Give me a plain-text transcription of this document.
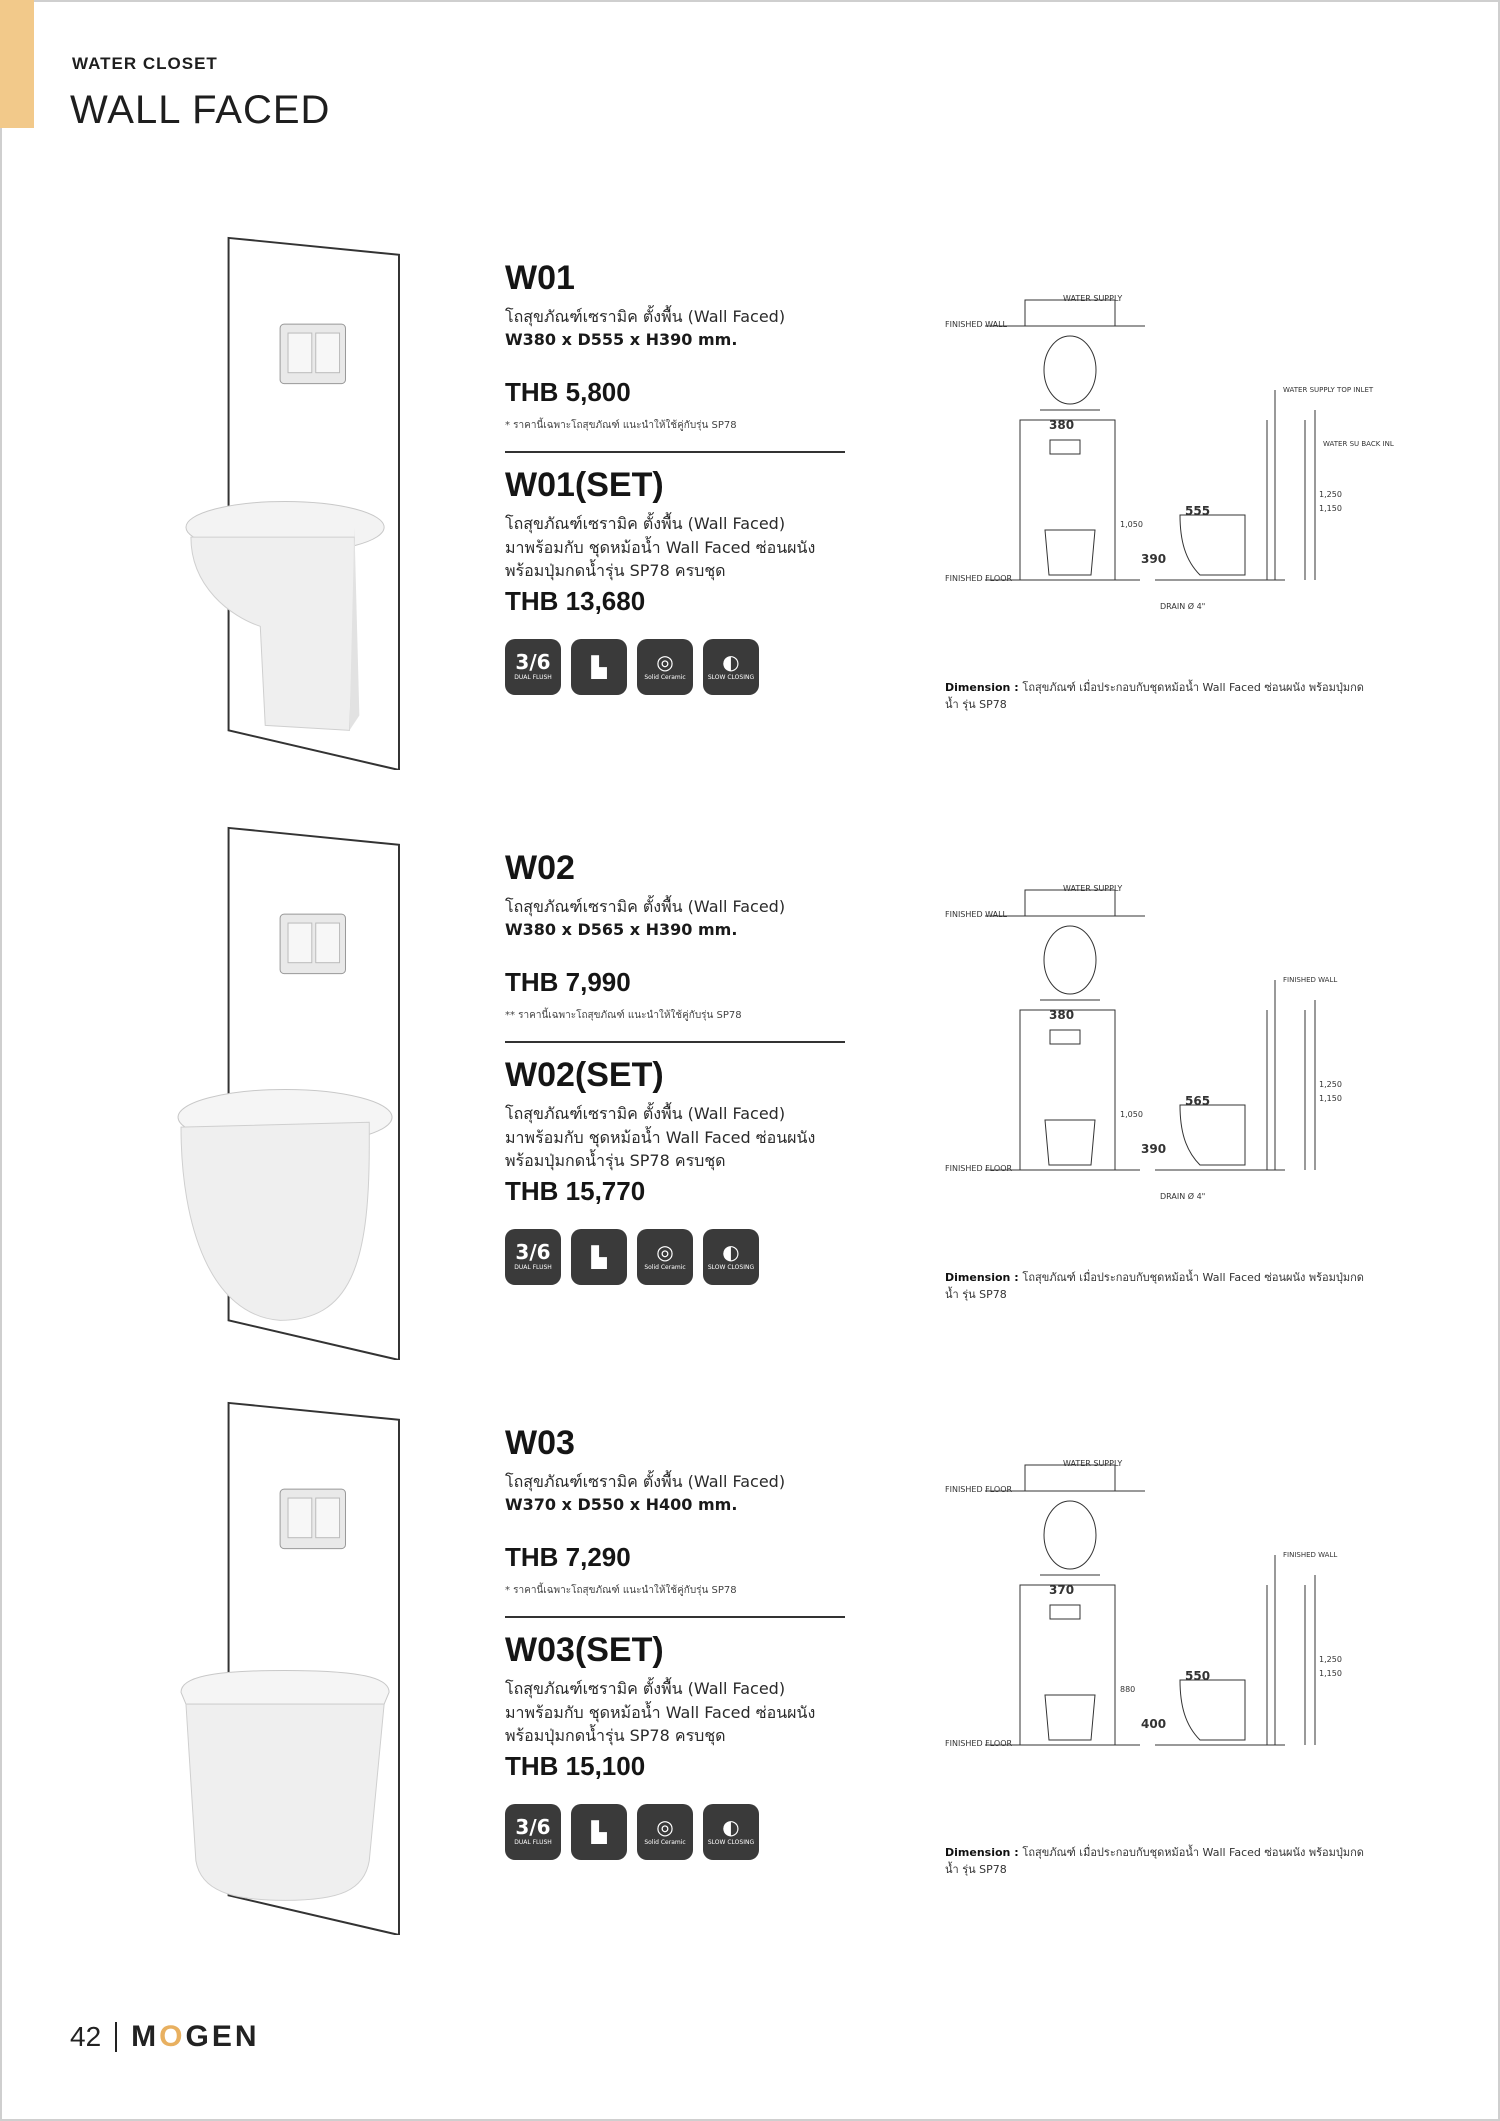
WATER CLOSET
WALL FACED
W01
โถสุขภัณฑ์เซรามิค ตั้งพื้น (Wall Faced)
W380 x D555 x H390 mm.
THB 5,800
* ราคานี้เฉพาะโถสุขภัณฑ์ แนะนำให้ใช้คู่กับรุ่น SP78
W01(SET)
โถสุขภัณฑ์เซรามิค ตั้งพื้น (Wall Faced)
มาพร้อมกับ ชุดหม้อน้ำ Wall Faced ซ่อนผนัง
พร้อมปุ่มกดน้ำรุ่น SP78 ครบชุด
THB 13,680
3/6
DUAL FLUSH ▙ ◎
Solid Ceramic
◐
SLOW CLOSING
WATER SUPPLY
FINISHED WALL
FINISHED FLOOR
DRAIN Ø 4"
380
555
390
WATER SUPPLY TOP INLET
WATER SU BACK INL
1,050
1,250
1,150
Dimension : โถสุขภัณฑ์ เมื่อประกอบกับชุดหม้อน้ำ Wall Faced ซ่อนผนัง พร้อมปุ่มกดน้ำ รุ่น SP78
W02
โถสุขภัณฑ์เซรามิค ตั้งพื้น (Wall Faced)
W380 x D565 x H390 mm.
THB 7,990
** ราคานี้เฉพาะโถสุขภัณฑ์ แนะนำให้ใช้คู่กับรุ่น SP78
W02(SET)
โถสุขภัณฑ์เซรามิค ตั้งพื้น (Wall Faced)
มาพร้อมกับ ชุดหม้อน้ำ Wall Faced ซ่อนผนัง
พร้อมปุ่มกดน้ำรุ่น SP78 ครบชุด
THB 15,770
3/6
DUAL FLUSH ▙ ◎
Solid Ceramic
◐
SLOW CLOSING
WATER SUPPLY
FINISHED WALL
FINISHED FLOOR
DRAIN Ø 4"
380
565
390
FINISHED WALL
1,050
1,250
1,150
Dimension : โถสุขภัณฑ์ เมื่อประกอบกับชุดหม้อน้ำ Wall Faced ซ่อนผนัง พร้อมปุ่มกดน้ำ รุ่น SP78
W03
โถสุขภัณฑ์เซรามิค ตั้งพื้น (Wall Faced)
W370 x D550 x H400 mm.
THB 7,290
* ราคานี้เฉพาะโถสุขภัณฑ์ แนะนำให้ใช้คู่กับรุ่น SP78
W03(SET)
โถสุขภัณฑ์เซรามิค ตั้งพื้น (Wall Faced)
มาพร้อมกับ ชุดหม้อน้ำ Wall Faced ซ่อนผนัง
พร้อมปุ่มกดน้ำรุ่น SP78 ครบชุด
THB 15,100
3/6
DUAL FLUSH ▙ ◎
Solid Ceramic
◐
SLOW CLOSING
WATER SUPPLY
FINISHED FLOOR
FINISHED FLOOR
370
550
400
FINISHED WALL
880
1,250
1,150
Dimension : โถสุขภัณฑ์ เมื่อประกอบกับชุดหม้อน้ำ Wall Faced ซ่อนผนัง พร้อมปุ่มกดน้ำ รุ่น SP78
42 MOGEN
